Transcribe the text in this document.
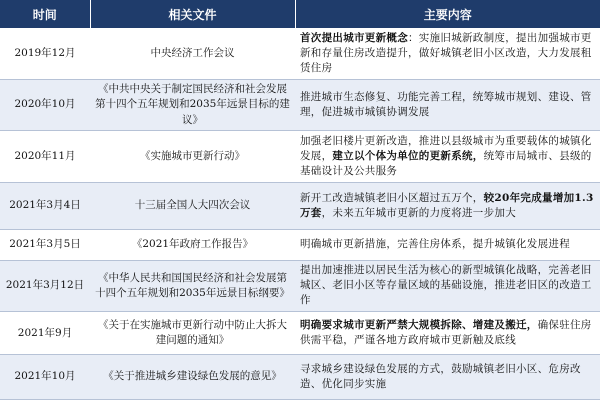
时间	相关文件	主要内容
2019年12月	中央经济工作会议	首次提出城市更新概念：实施旧城新政制度，提出加强城市更新和存量住房改造提升，做好城镇老旧小区改造，大力发展租赁住房
2020年10月	《中共中央关于制定国民经济和社会发展第十四个五年规划和2035年远景目标的建议》	推进城市生态修复、功能完善工程，统筹城市规划、建设、管理，促进城市城镇协调发展
2020年11月	《实施城市更新行动》	加强老旧楼片更新改造，推进以县级城市为重要载体的城镇化发展，建立以个体为单位的更新系统，统筹市局城市、县级的基础设计及公共服务
2021年3月4日	十三届全国人大四次会议	新开工改造城镇老旧小区超过五万个，较20年完成量增加1.3万套，未来五年城市更新的力度将进一步加大
2021年3月5日	《2021年政府工作报告》	明确城市更新措施，完善住房体系，提升城镇化发展进程
2021年3月12日	《中华人民共和国国民经济和社会发展第十四个五年规划和2035年远景目标纲要》	提出加速推进以居民生活为核心的新型城镇化战略，完善老旧城区、老旧小区等存量区域的基础设施，推进老旧区的改造工作
2021年9月	《关于在实施城市更新行动中防止大拆大建问题的通知》	明确要求城市更新严禁大规模拆除、增建及搬迁，确保驻住房供需平稳，严谨各地方政府城市更新触及底线
2021年10月	《关于推进城乡建设绿色发展的意见》	寻求城乡建设绿色发展的方式，鼓励城镇老旧小区、危房改造、优化同步实施
